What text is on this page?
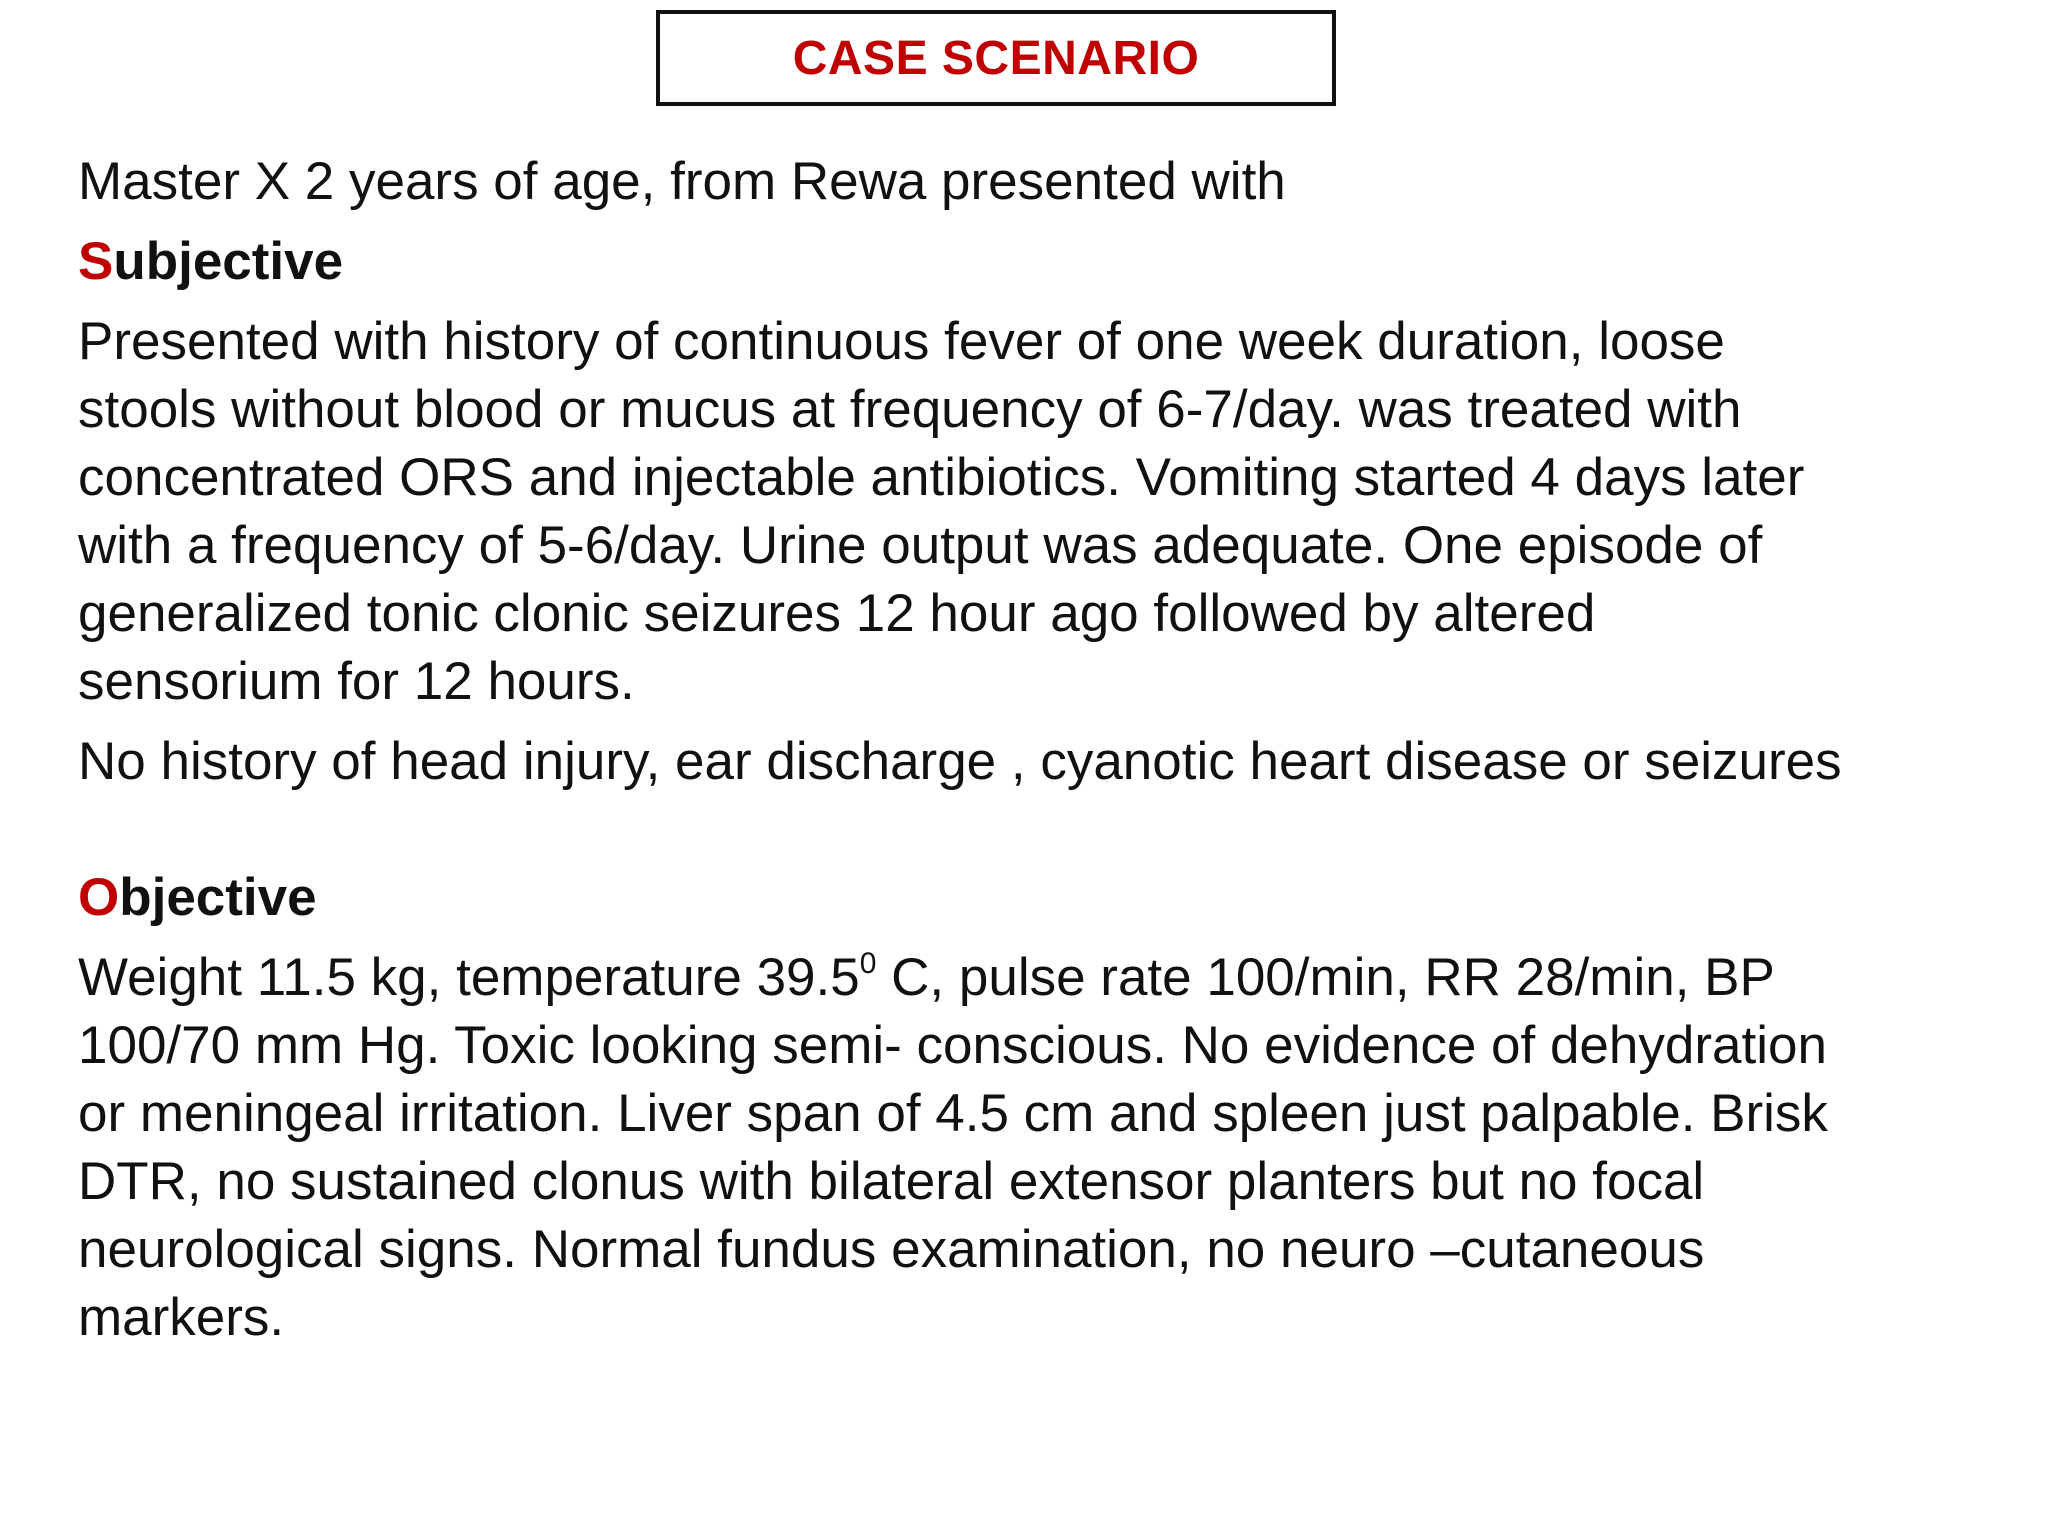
CASE SCENARIO

Master X 2 years of age, from Rewa presented with

Subjective

Presented with history of continuous fever of one week duration, loose

stools without blood or mucus at frequency of 6-7/day. was treated with

concentrated ORS and injectable antibiotics. Vomiting started 4 days later

with a frequency of 5-6/day. Urine output was adequate. One episode of

generalized tonic clonic seizures 12 hour ago followed by altered

sensorium for 12 hours.

No history of head injury, ear discharge , cyanotic heart disease or seizures

Objective

Weight 11.5 kg, temperature 39.5$^0$ C, pulse rate 100/min, RR 28/min, BP

100/70 mm Hg. Toxic looking semi- conscious. No evidence of dehydration

or meningeal irritation. Liver span of 4.5 cm and spleen just palpable. Brisk

DTR, no sustained clonus with bilateral extensor planters but no focal

neurological signs. Normal fundus examination, no neuro –cutaneous

markers.
